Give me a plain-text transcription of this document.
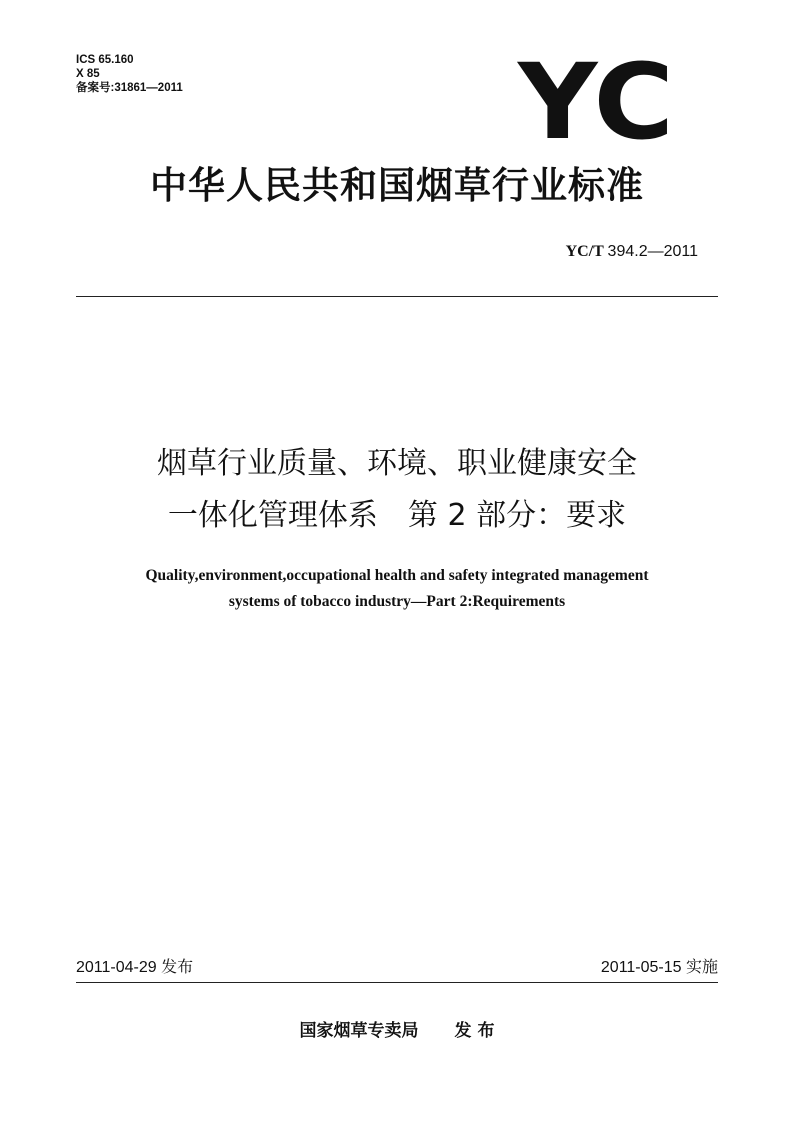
ICS 65.160
X 85
备案号:31861—2011	YC
中华人民共和国烟草行业标准
YC/T 394.2—2011
烟草行业质量、环境、职业健康安全
一体化管理体系　第 2 部分：要求
Quality,environment,occupational health and safety integrated management
systems of tobacco industry—Part 2:Requirements
2011-04-29 发布	2011-05-15 实施
国家烟草专卖局 发 布
